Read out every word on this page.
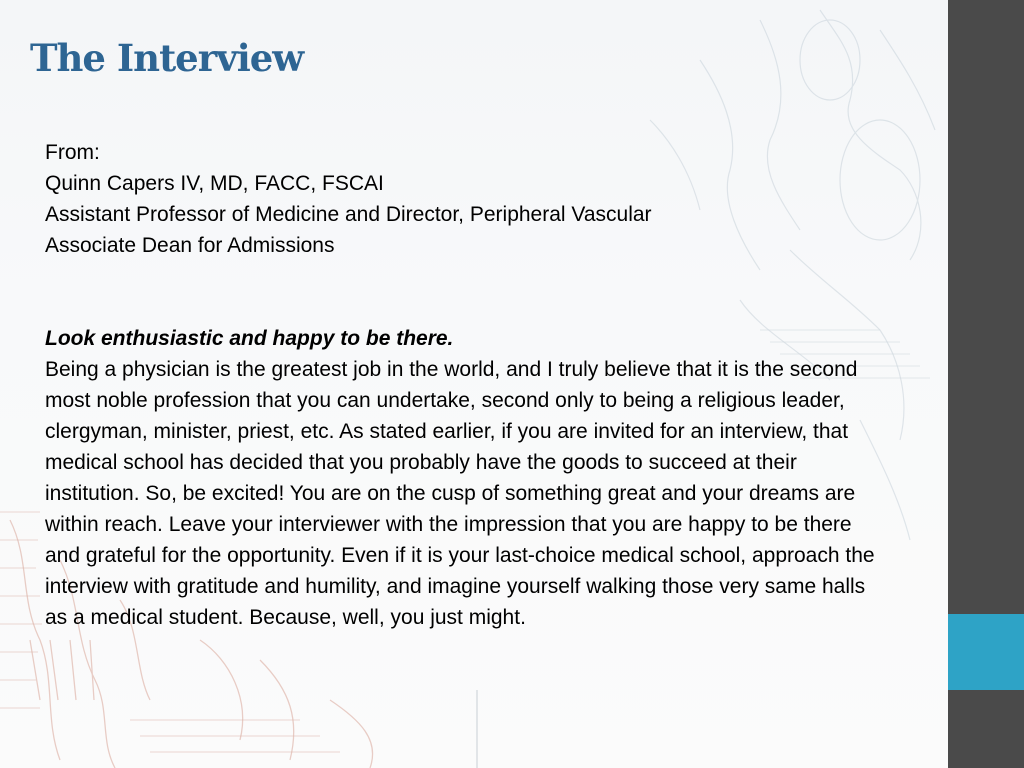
The Interview
From:
Quinn Capers IV, MD, FACC, FSCAI
Assistant Professor of Medicine and Director, Peripheral Vascular
Associate Dean for Admissions
Look enthusiastic and happy to be there.
Being a physician is the greatest job in the world, and I truly believe that it is the second most noble profession that you can undertake, second only to being a religious leader, clergyman, minister, priest, etc. As stated earlier, if you are invited for an interview, that medical school has decided that you probably have the goods to succeed at their institution. So, be excited! You are on the cusp of something great and your dreams are within reach. Leave your interviewer with the impression that you are happy to be there and grateful for the opportunity. Even if it is your last-choice medical school, approach the interview with gratitude and humility, and imagine yourself walking those very same halls as a medical student. Because, well, you just might.
